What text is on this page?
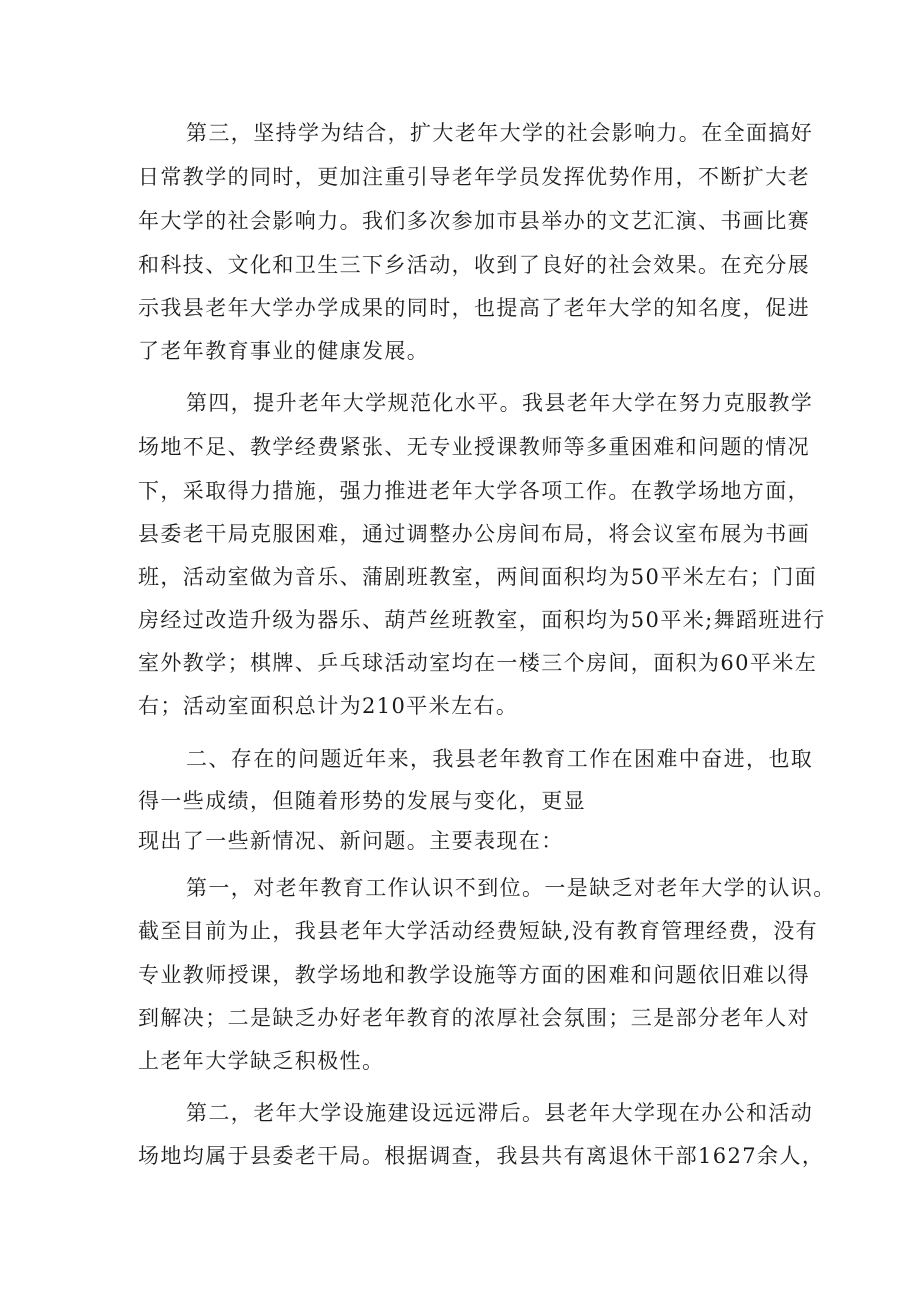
第三，坚持学为结合，扩大老年大学的社会影响力。在全面搞好
日常教学的同时，更加注重引导老年学员发挥优势作用，不断扩大老
年大学的社会影响力。我们多次参加市县举办的文艺汇演、书画比赛
和科技、文化和卫生三下乡活动，收到了良好的社会效果。在充分展
示我县老年大学办学成果的同时，也提高了老年大学的知名度，促进
了老年教育事业的健康发展。
第四，提升老年大学规范化水平。我县老年大学在努力克服教学
场地不足、教学经费紧张、无专业授课教师等多重困难和问题的情况
下，采取得力措施，强力推进老年大学各项工作。在教学场地方面，
县委老干局克服困难，通过调整办公房间布局，将会议室布展为书画
班，活动室做为音乐、蒲剧班教室，两间面积均为50平米左右；门面
房经过改造升级为器乐、葫芦丝班教室，面积均为50平米;舞蹈班进行
室外教学；棋牌、乒乓球活动室均在一楼三个房间，面积为60平米左
右；活动室面积总计为210平米左右。
二、存在的问题近年来，我县老年教育工作在困难中奋进，也取
得一些成绩，但随着形势的发展与变化，更显
现出了一些新情况、新问题。主要表现在：
第一，对老年教育工作认识不到位。一是缺乏对老年大学的认识。
截至目前为止，我县老年大学活动经费短缺,没有教育管理经费，没有
专业教师授课，教学场地和教学设施等方面的困难和问题依旧难以得
到解决；二是缺乏办好老年教育的浓厚社会氛围；三是部分老年人对
上老年大学缺乏积极性。
第二，老年大学设施建设远远滞后。县老年大学现在办公和活动
场地均属于县委老干局。根据调查，我县共有离退休干部1627余人，
